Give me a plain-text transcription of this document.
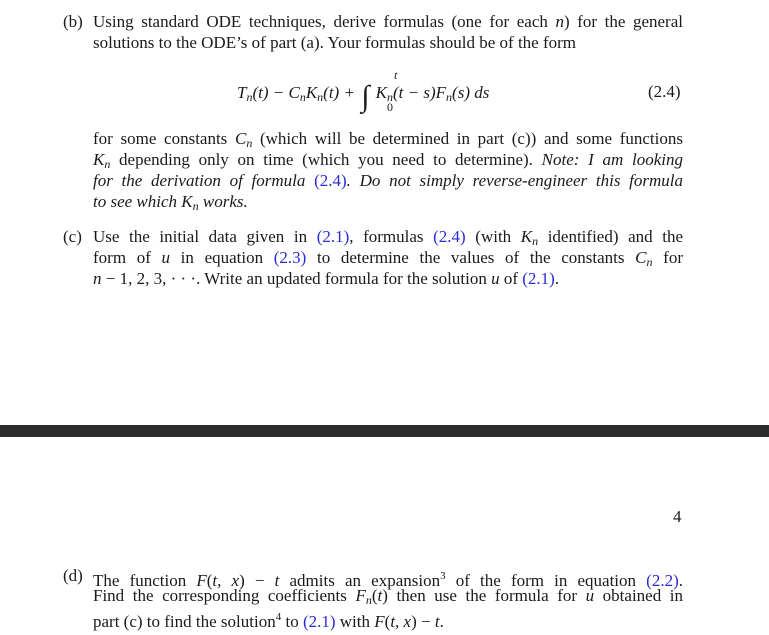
(b) Using standard ODE techniques, derive formulas (one for each n) for the general
solutions to the ODE’s of part (a). Your formulas should be of the form
$T_n(t) - C_nK_n(t)$ + ∫
t
0
$K_n(t - s)F_n(s)$ ds	(2.4)
for some constants $C_n$ (which will be determined in part (c)) and some functions
$K_n$ depending only on time (which you need to determine). Note: I am looking
for the derivation of formula (2.4). Do not simply reverse-engineer this formula
to see which $K_n$ works.
(c) Use the initial data given in (2.1), formulas (2.4) (with $K_n$ identified) and the
form of u in equation (2.3) to determine the values of the constants $C_n$ for
n − 1, 2, 3, · · ·. Write an updated formula for the solution u of (2.1).
4
(d) The function F(t, x) − t admits an expansion$^3$ of the form in equation (2.2).
Find the corresponding coefficients $F_n(t)$ then use the formula for u obtained in
part (c) to find the solution$^4$ to (2.1) with F(t, x) − t.
